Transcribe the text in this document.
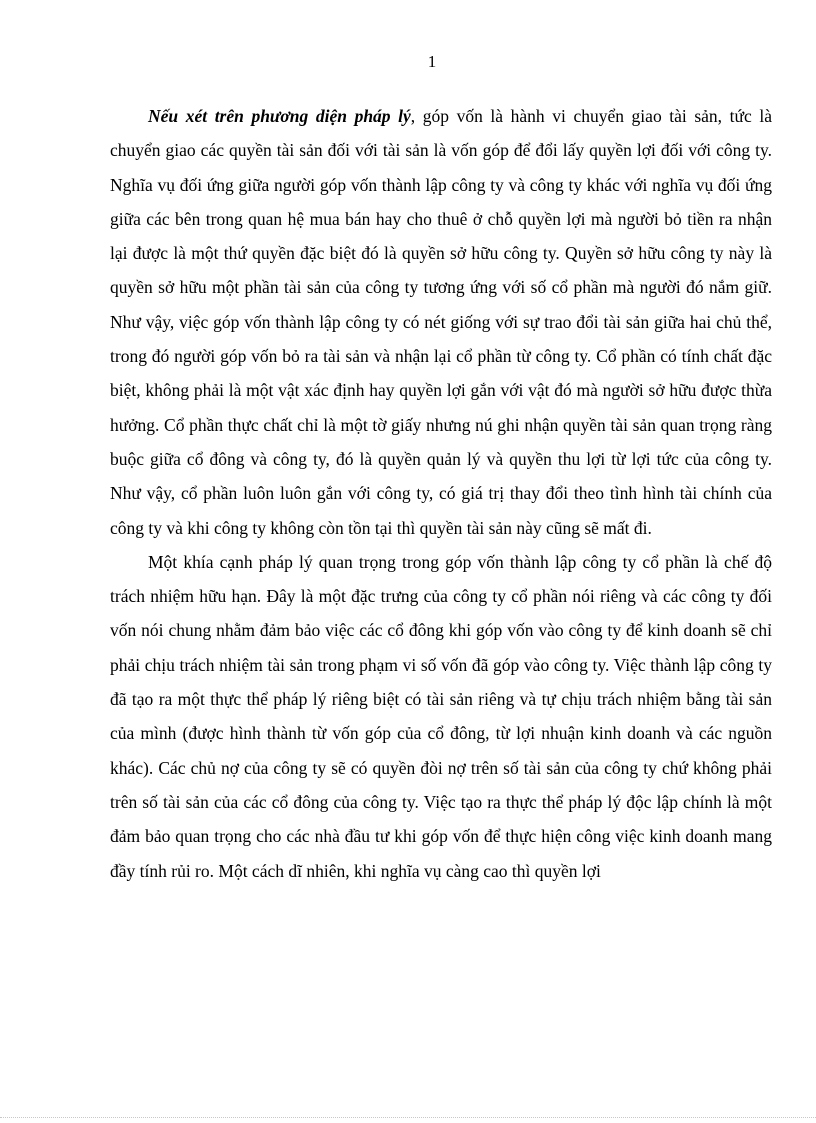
1

Nếu xét trên phương diện pháp lý, góp vốn là hành vi chuyển giao tài sản, tức là chuyển giao các quyền tài sản đối với tài sản là vốn góp để đổi lấy quyền lợi đối với công ty. Nghĩa vụ đối ứng giữa người góp vốn thành lập công ty và công ty khác với nghĩa vụ đối ứng giữa các bên trong quan hệ mua bán hay cho thuê ở chỗ quyền lợi mà người bỏ tiền ra nhận lại được là một thứ quyền đặc biệt đó là quyền sở hữu công ty. Quyền sở hữu công ty này là quyền sở hữu một phần tài sản của công ty tương ứng với số cổ phần mà người đó nắm giữ. Như vậy, việc góp vốn thành lập công ty có nét giống với sự trao đổi tài sản giữa hai chủ thể, trong đó người góp vốn bỏ ra tài sản và nhận lại cổ phần từ công ty. Cổ phần có tính chất đặc biệt, không phải là một vật xác định hay quyền lợi gắn với vật đó mà người sở hữu được thừa hưởng. Cổ phần thực chất chỉ là một tờ giấy nhưng nú ghi nhận quyền tài sản quan trọng ràng buộc giữa cổ đông và công ty, đó là quyền quản lý và quyền thu lợi từ lợi tức của công ty. Như vậy, cổ phần luôn luôn gắn với công ty, có giá trị thay đổi theo tình hình tài chính của công ty và khi công ty không còn tồn tại thì quyền tài sản này cũng sẽ mất đi.

Một khía cạnh pháp lý quan trọng trong góp vốn thành lập công ty cổ phần là chế độ trách nhiệm hữu hạn. Đây là một đặc trưng của công ty cổ phần nói riêng và các công ty đối vốn nói chung nhằm đảm bảo việc các cổ đông khi góp vốn vào công ty để kinh doanh sẽ chỉ phải chịu trách nhiệm tài sản trong phạm vi số vốn đã góp vào công ty. Việc thành lập công ty đã tạo ra một thực thể pháp lý riêng biệt có tài sản riêng và tự chịu trách nhiệm bằng tài sản của mình (được hình thành từ vốn góp của cổ đông, từ lợi nhuận kinh doanh và các nguồn khác). Các chủ nợ của công ty sẽ có quyền đòi nợ trên số tài sản của công ty chứ không phải trên số tài sản của các cổ đông của công ty. Việc tạo ra thực thể pháp lý độc lập chính là một đảm bảo quan trọng cho các nhà đầu tư khi góp vốn để thực hiện công việc kinh doanh mang đầy tính rủi ro. Một cách dĩ nhiên, khi nghĩa vụ càng cao thì quyền lợi
